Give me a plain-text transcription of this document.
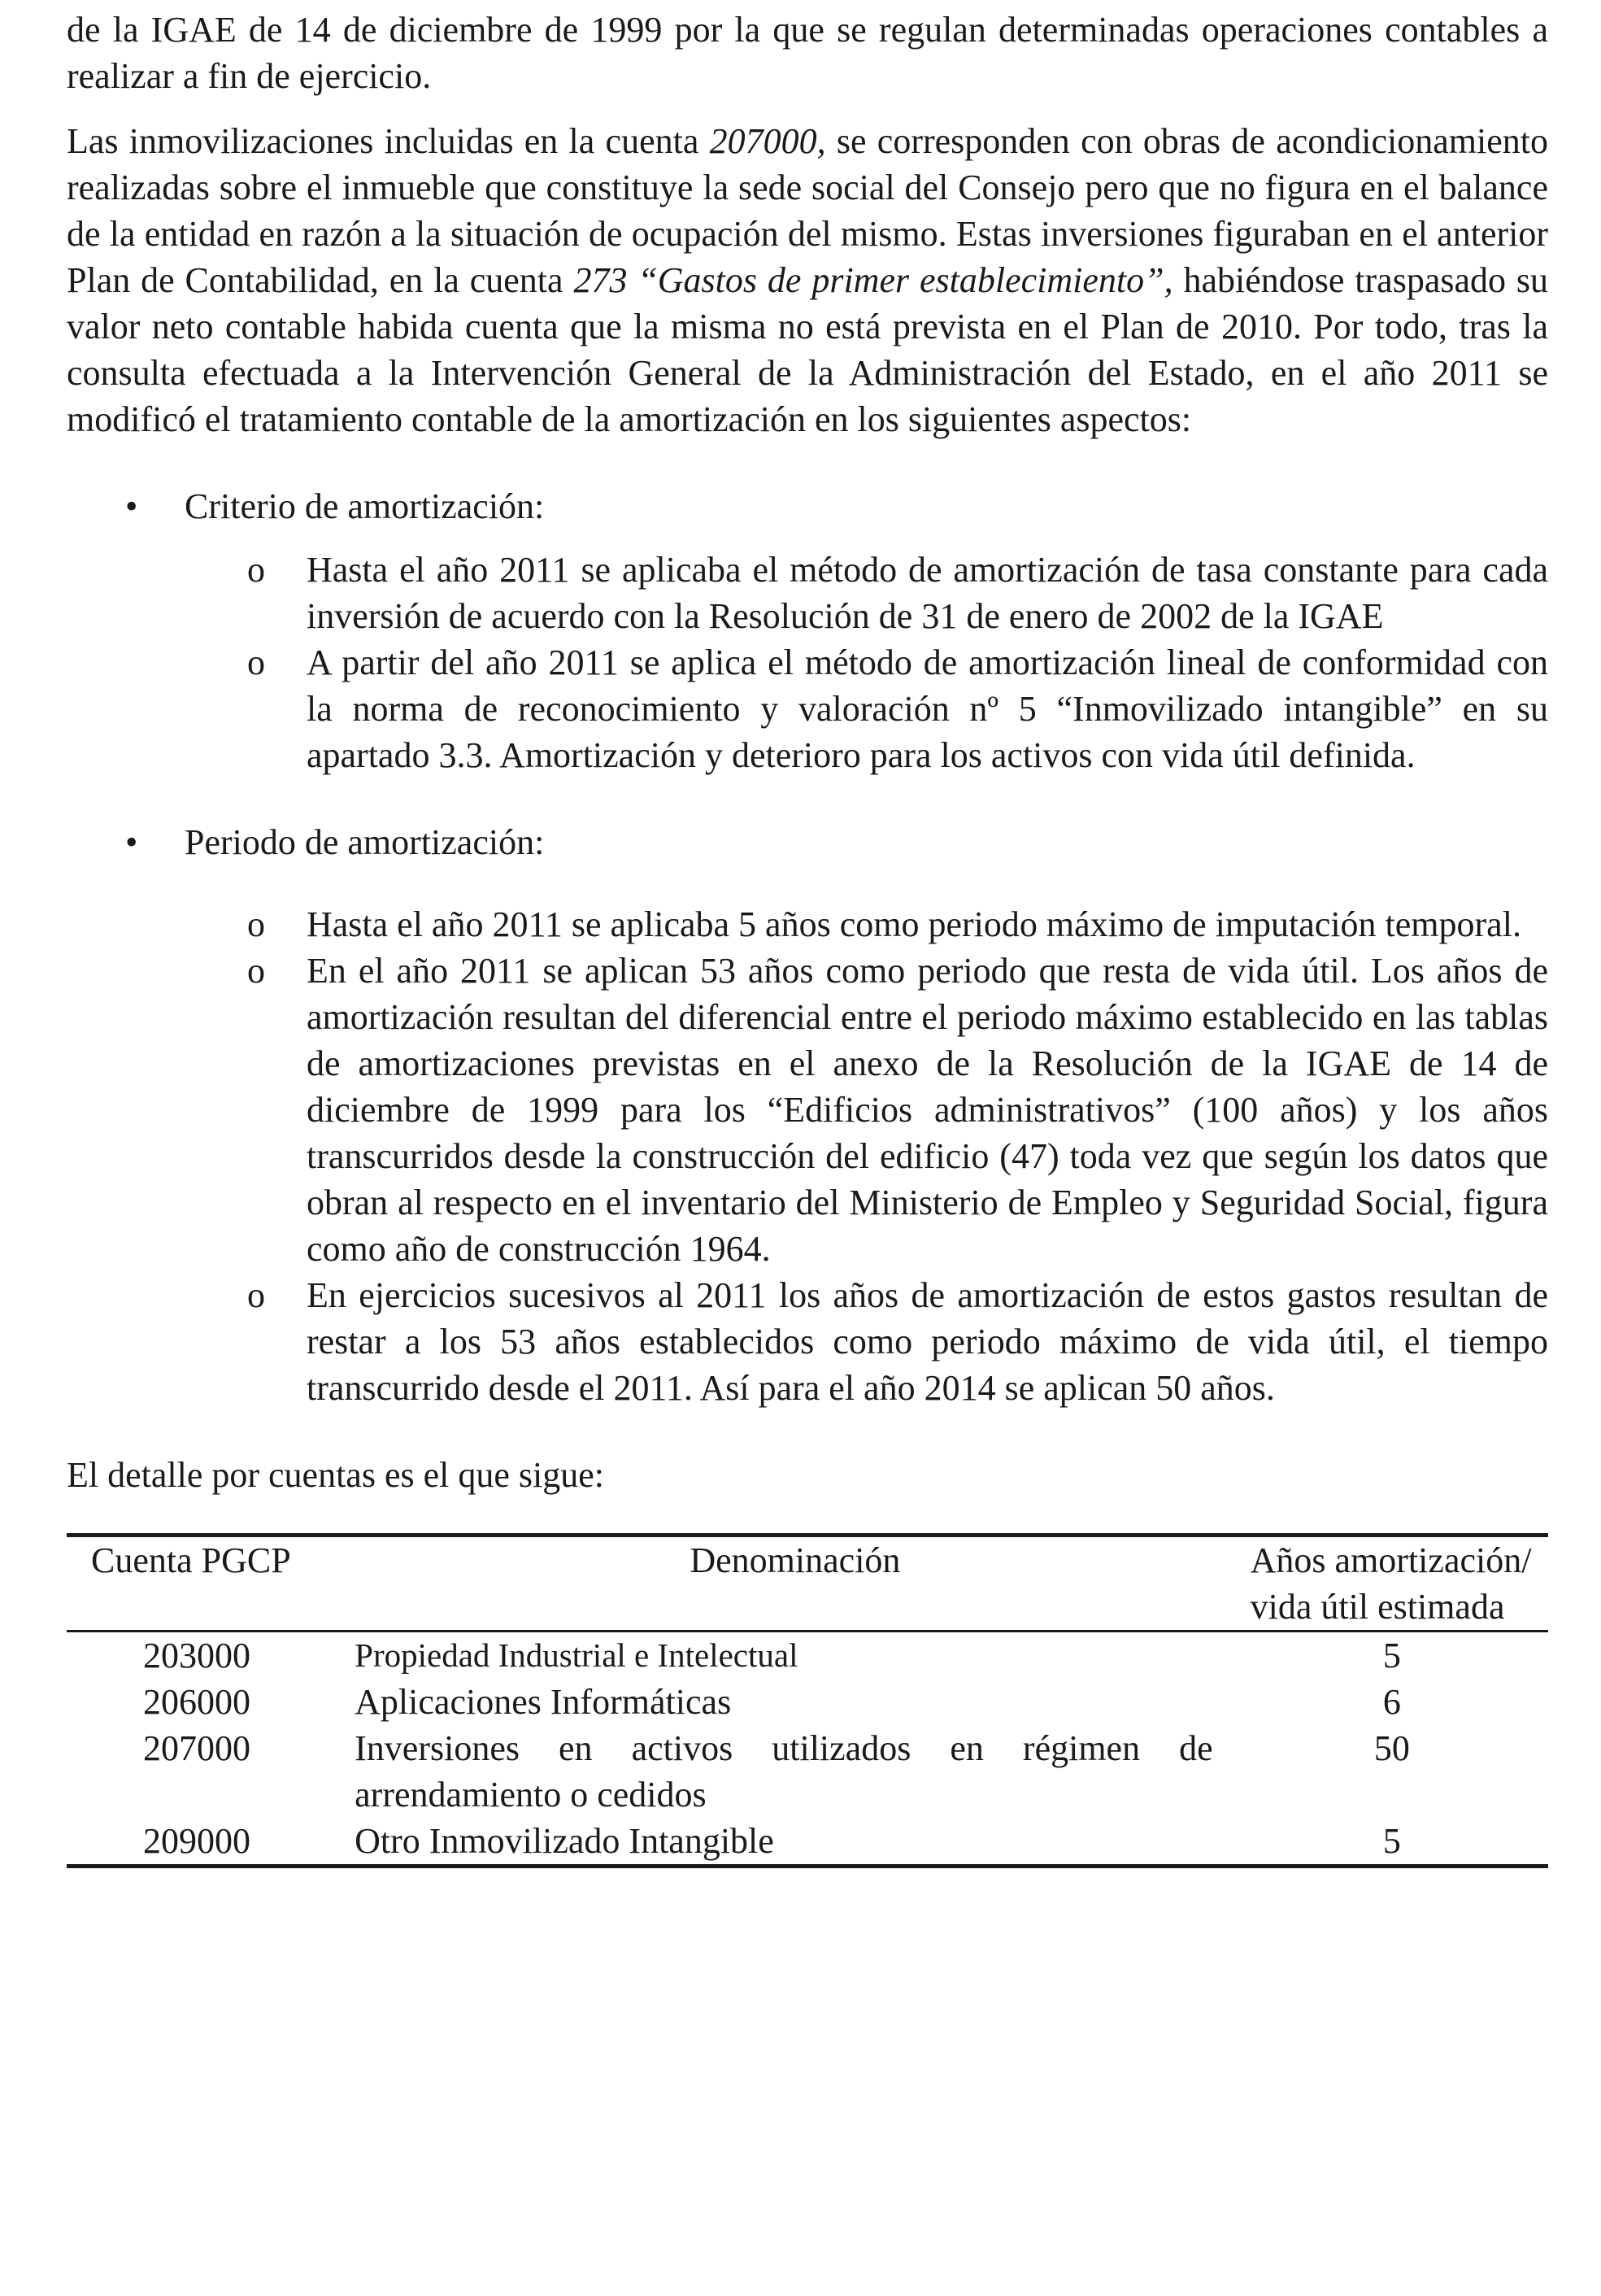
de la IGAE de 14 de diciembre de 1999 por la que se regulan determinadas operaciones contables a realizar a fin de ejercicio.

Las inmovilizaciones incluidas en la cuenta 207000, se corresponden con obras de acondicionamiento realizadas sobre el inmueble que constituye la sede social del Consejo pero que no figura en el balance de la entidad en razón a la situación de ocupación del mismo. Estas inversiones figuraban en el anterior Plan de Contabilidad, en la cuenta 273 “Gastos de primer establecimiento”, habiéndose traspasado su valor neto contable habida cuenta que la misma no está prevista en el Plan de 2010. Por todo, tras la consulta efectuada a la Intervención General de la Administración del Estado, en el año 2011 se modificó el tratamiento contable de la amortización en los siguientes aspectos:

• Criterio de amortización:
o Hasta el año 2011 se aplicaba el método de amortización de tasa constante para cada inversión de acuerdo con la Resolución de 31 de enero de 2002 de la IGAE
o A partir del año 2011 se aplica el método de amortización lineal de conformidad con la norma de reconocimiento y valoración nº 5 “Inmovilizado intangible” en su apartado 3.3. Amortización y deterioro para los activos con vida útil definida.
• Periodo de amortización:
o Hasta el año 2011 se aplicaba 5 años como periodo máximo de imputación temporal.
o En el año 2011 se aplican 53 años como periodo que resta de vida útil. Los años de amortización resultan del diferencial entre el periodo máximo establecido en las tablas de amortizaciones previstas en el anexo de la Resolución de la IGAE de 14 de diciembre de 1999 para los “Edificios administrativos” (100 años) y los años transcurridos desde la construcción del edificio (47) toda vez que según los datos que obran al respecto en el inventario del Ministerio de Empleo y Seguridad Social, figura como año de construcción 1964.
o En ejercicios sucesivos al 2011 los años de amortización de estos gastos resultan de restar a los 53 años establecidos como periodo máximo de vida útil, el tiempo transcurrido desde el 2011. Así para el año 2014 se aplican 50 años.

El detalle por cuentas es el que sigue:

Cuenta PGCP	Denominación	Años amortización/ vida útil estimada
203000	Propiedad Industrial e Intelectual	5
206000	Aplicaciones Informáticas	6
207000	Inversiones en activos utilizados en régimen de arrendamiento o cedidos	50
209000	Otro Inmovilizado Intangible	5
